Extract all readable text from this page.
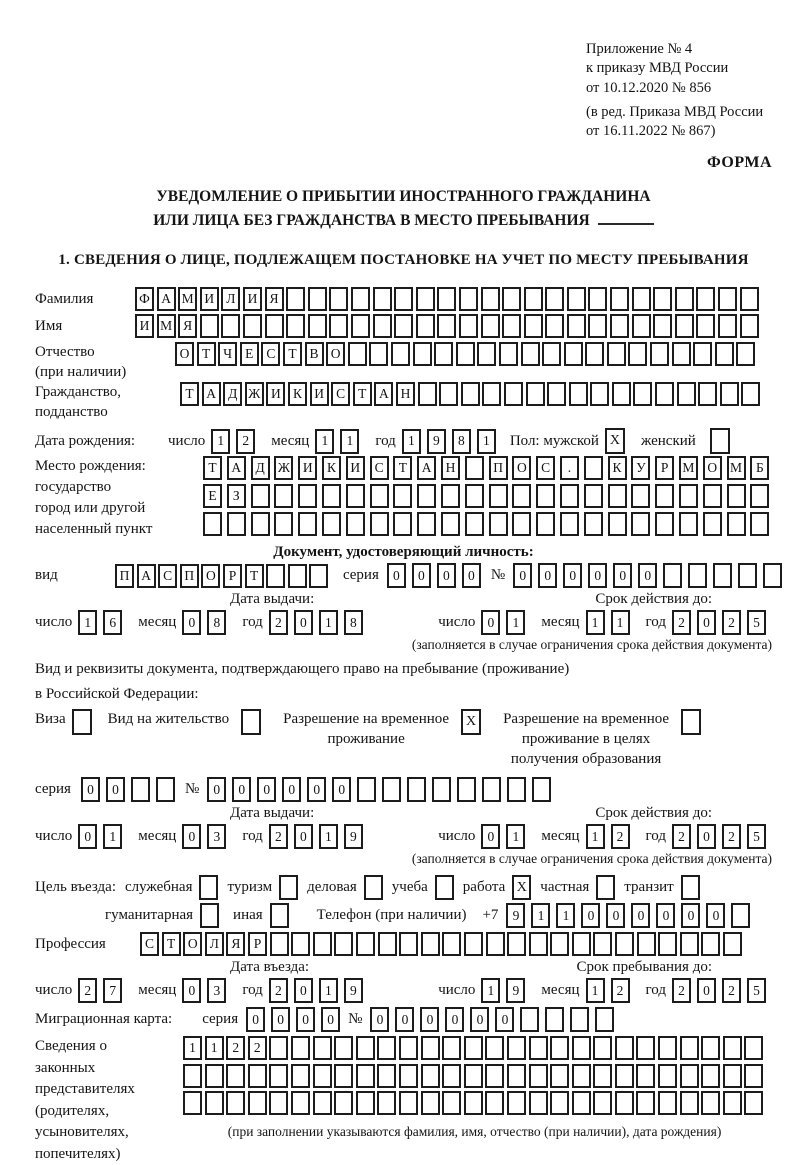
Приложение № 4
к приказу МВД России
от 10.12.2020 № 856
(в ред. Приказа МВД России
от 16.11.2022 № 867)
ФОРМА
УВЕДОМЛЕНИЕ О ПРИБЫТИИ ИНОСТРАННОГО ГРАЖДАНИНА
ИЛИ ЛИЦА БЕЗ ГРАЖДАНСТВА В МЕСТО ПРЕБЫВАНИЯ
1. СВЕДЕНИЯ О ЛИЦЕ, ПОДЛЕЖАЩЕМ ПОСТАНОВКЕ НА УЧЕТ ПО МЕСТУ ПРЕБЫВАНИЯ
Фамилия	Ф А М И Л И Я
Имя	И М Я
Отчество
(при наличии)
О Т Ч Е С Т В О
Гражданство,
подданство
Т А Д Ж И К И С Т А Н
Дата рождения:	число 1	2	месяц 1	1	год 1	9	8	1	Пол: мужской X	женский
Место рождения:
государство
город или другой
населенный пункт
Т	А	Д Ж И	К	И	С	Т	А	Н	П	О	С	.	К	У	Р	М О М	Б
Е	З
Документ, удостоверяющий личность:
вид	П А С П О Р	Т	серия	0	0	0	0	№	0	0	0	0	0	0
Дата выдачи:	Срок действия до:
число 1	6	месяц 0	8	год 2	0	1	8	число 0	1	месяц 1	1	год 2	0	2	5
(заполняется в случае ограничения срока действия документа)
Вид и реквизиты документа, подтверждающего право на пребывание (проживание)
в Российской Федерации:
Виза	Вид на жительство	Разрешение на временное
проживание
X	Разрешение на временное
проживание в целях
получения образования
серия	0	0	№	0	0	0	0	0	0
Дата выдачи:	Срок действия до:
число 0	1	месяц 0	3	год 2	0	1	9	число 0	1	месяц 1	2	год 2	0	2	5
(заполняется в случае ограничения срока действия документа)
Цель въезда: служебная туризм деловая учеба работа X частная транзит
гуманитарная	иная	Телефон (при наличии) +7	9	1	1	0	0	0	0	0	0
Профессия	С Т О Л Я Р
Дата въезда:	Срок пребывания до:
число 2	7	месяц 0	3	год 2	0	1	9	число 1	9	месяц 1	2	год 2	0	2	5
Миграционная карта: серия	0	0	0	0 №	0	0	0	0	0	0
Сведения о
законных
представителях
(родителях,
усыновителях,
попечителях)
1	1	2	2
(при заполнении указываются фамилия, имя, отчество (при наличии), дата рождения)
